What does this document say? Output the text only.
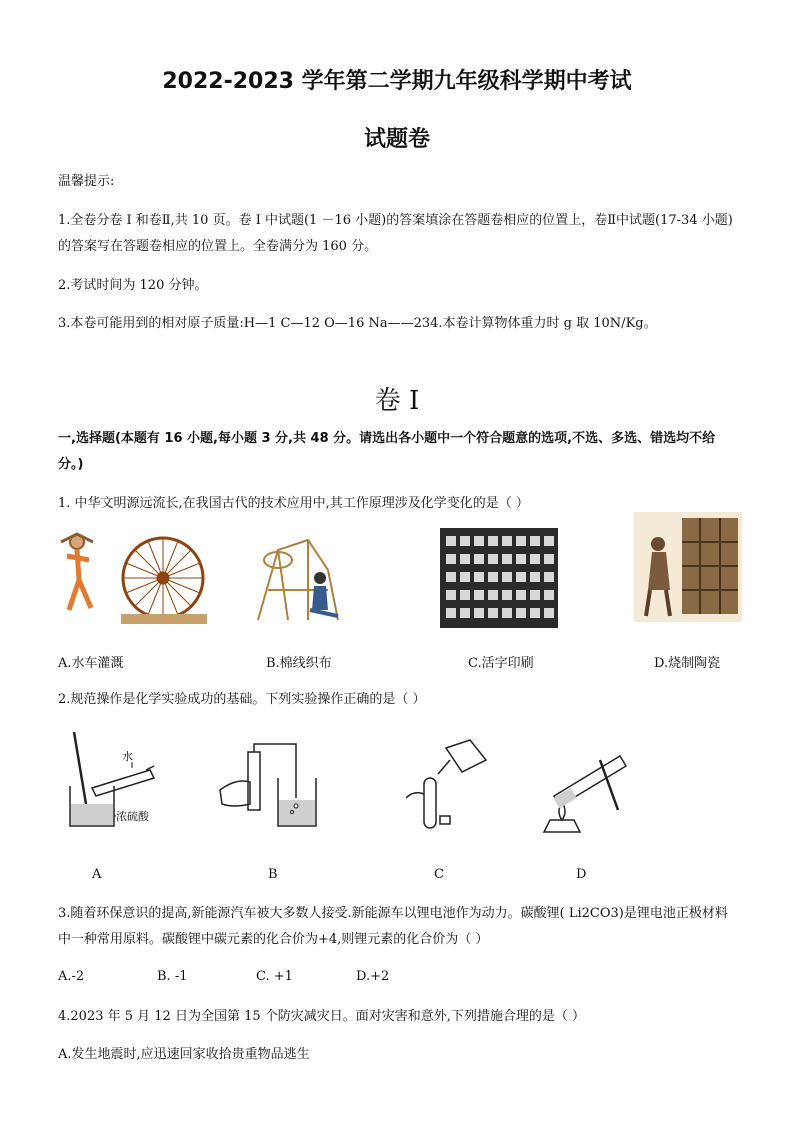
2022-2023 学年第二学期九年级科学期中考试
试题卷
温馨提示:
1.全卷分卷 I 和卷Ⅱ,共 10 页。卷 I 中试题(1 －16 小题)的答案填涂在答题卷相应的位置上，卷Ⅱ中试题(17-34 小题)的答案写在答题卷相应的位置上。全卷满分为 160 分。
2.考试时间为 120 分钟。
3.本卷可能用到的相对原子质量:H—1 C—12 O—16 Na——234.本卷计算物体重力时 g 取 10N/Kg。
卷 I
一,选择题(本题有 16 小题,每小题 3 分,共 48 分。请选出各小题中一个符合题意的选项,不选、多选、错选均不给分。)
1. 中华文明源远流长,在我国古代的技术应用中,其工作原理涉及化学变化的是（ ）
A.水车灌溉	B.棉线织布	C.活字印刷	D.烧制陶瓷
2.规范操作是化学实验成功的基础。下列实验操作正确的是（ ）
水
浓硫酸
A	B	C	D
3.随着环保意识的提高,新能源汽车被大多数人接受.新能源车以锂电池作为动力。碳酸锂( Li2CO3)是锂电池正极材料中一种常用原料。碳酸锂中碳元素的化合价为+4,则锂元素的化合价为（ ）
A.-2	B. -1	C. +1	D.+2
4.2023 年 5 月 12 日为全国第 15 个防灾减灾日。面对灾害和意外,下列措施合理的是（ ）
A.发生地震时,应迅速回家收拾贵重物品逃生
